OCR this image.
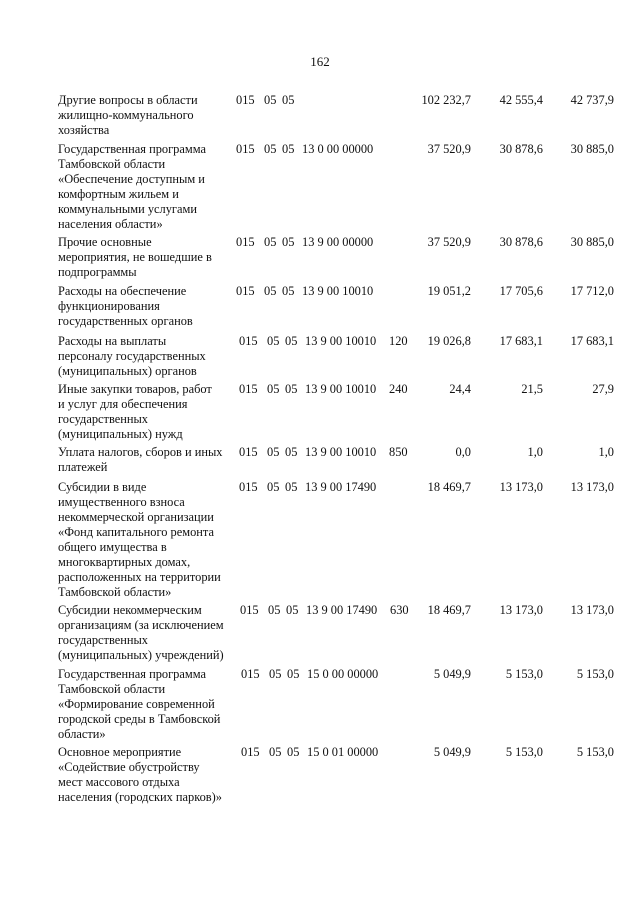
162
Другие вопросы в области
жилищно-коммунального
хозяйства
015 05 05	102 232,7	42 555,4	42 737,9
Государственная программа
Тамбовской области
«Обеспечение доступным и
комфортным жильем и
коммунальными услугами
населения области»
015 05 05 13 0 00 00000	37 520,9	30 878,6	30 885,0
Прочие основные
мероприятия, не вошедшие в
подпрограммы
015 05 05 13 9 00 00000	37 520,9	30 878,6	30 885,0
Расходы на обеспечение
функционирования
государственных органов
015 05 05 13 9 00 10010	19 051,2	17 705,6	17 712,0
Расходы на выплаты
персоналу государственных
(муниципальных) органов
015 05 05 13 9 00 10010 120	19 026,8	17 683,1	17 683,1
Иные закупки товаров, работ
и услуг для обеспечения
государственных
(муниципальных) нужд
015 05 05 13 9 00 10010 240	24,4	21,5	27,9
Уплата налогов, сборов и иных
платежей
015 05 05 13 9 00 10010 850	0,0	1,0	1,0
Субсидии в виде
имущественного взноса
некоммерческой организации
«Фонд капитального ремонта
общего имущества в
многоквартирных домах,
расположенных на территории
Тамбовской области»
015 05 05 13 9 00 17490	18 469,7	13 173,0	13 173,0
Субсидии некоммерческим
организациям (за исключением
государственных
(муниципальных) учреждений)
015 05 05 13 9 00 17490 630	18 469,7	13 173,0	13 173,0
Государственная программа
Тамбовской области
«Формирование современной
городской среды в Тамбовской
области»
015 05 05 15 0 00 00000	5 049,9	5 153,0	5 153,0
Основное мероприятие
«Содействие обустройству
мест массового отдыха
населения (городских парков)»
015 05 05 15 0 01 00000	5 049,9	5 153,0	5 153,0
